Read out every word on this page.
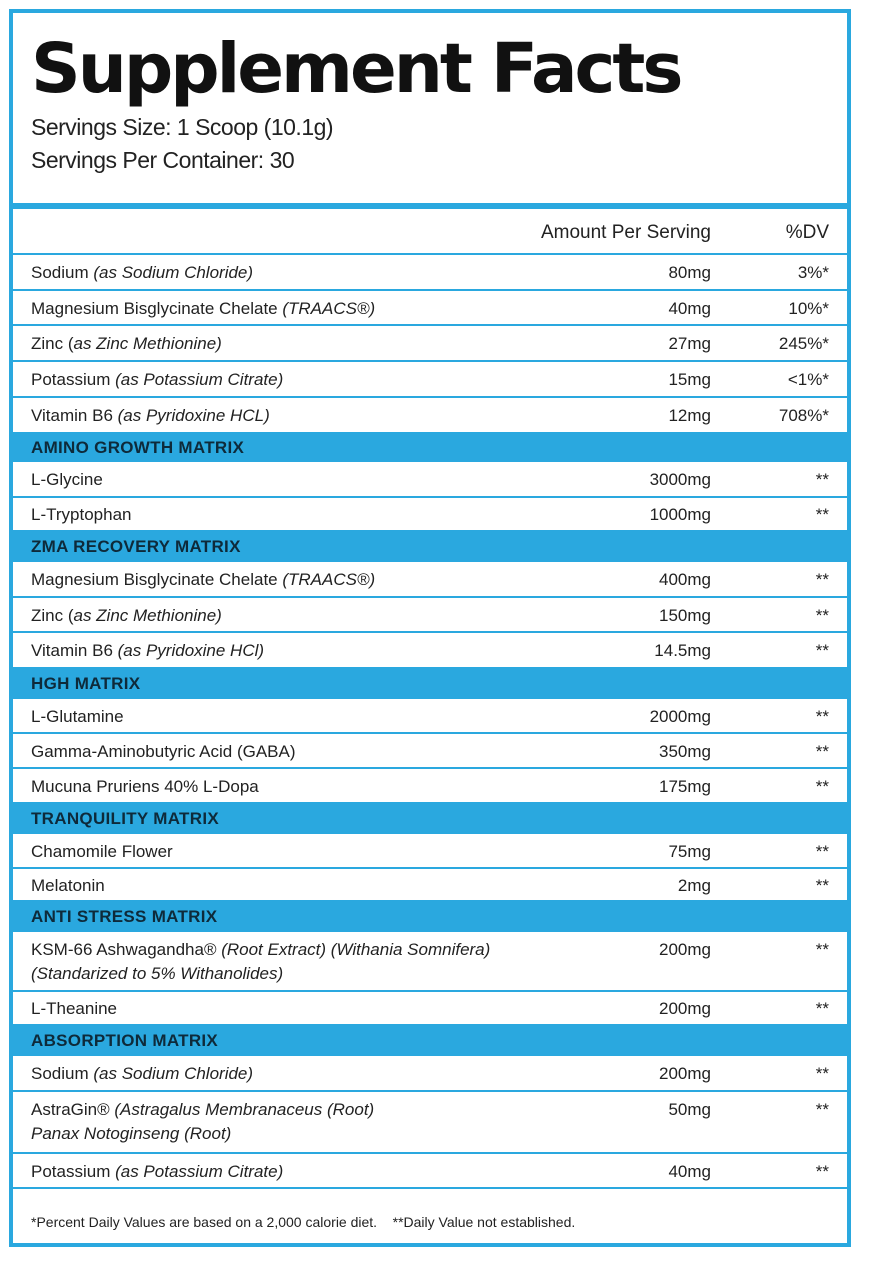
Supplement Facts
Servings Size: 1 Scoop (10.1g)
Servings Per Container: 30
Amount Per Serving	%DV
Sodium (as Sodium Chloride)	80mg	3%*
Magnesium Bisglycinate Chelate (TRAACS®)	40mg	10%*
Zinc (as Zinc Methionine)	27mg	245%*
Potassium (as Potassium Citrate)	15mg	<1%*
Vitamin B6 (as Pyridoxine HCL)	12mg	708%*
AMINO GROWTH MATRIX
L-Glycine	3000mg	**
L-Tryptophan	1000mg	**
ZMA RECOVERY MATRIX
Magnesium Bisglycinate Chelate (TRAACS®)	400mg	**
Zinc (as Zinc Methionine)	150mg	**
Vitamin B6 (as Pyridoxine HCl)	14.5mg	**
HGH MATRIX
L-Glutamine	2000mg	**
Gamma-Aminobutyric Acid (GABA)	350mg	**
Mucuna Pruriens 40% L-Dopa	175mg	**
TRANQUILITY MATRIX
Chamomile Flower	75mg	**
Melatonin	2mg	**
ANTI STRESS MATRIX
KSM-66 Ashwagandha® (Root Extract) (Withania Somnifera)
(Standarized to 5% Withanolides)
200mg	**
L-Theanine	200mg	**
ABSORPTION MATRIX
Sodium (as Sodium Chloride)	200mg	**
AstraGin® (Astragalus Membranaceus (Root)
Panax Notoginseng (Root)
50mg	**
Potassium (as Potassium Citrate)	40mg	**
*Percent Daily Values are based on a 2,000 calorie diet.    **Daily Value not established.
